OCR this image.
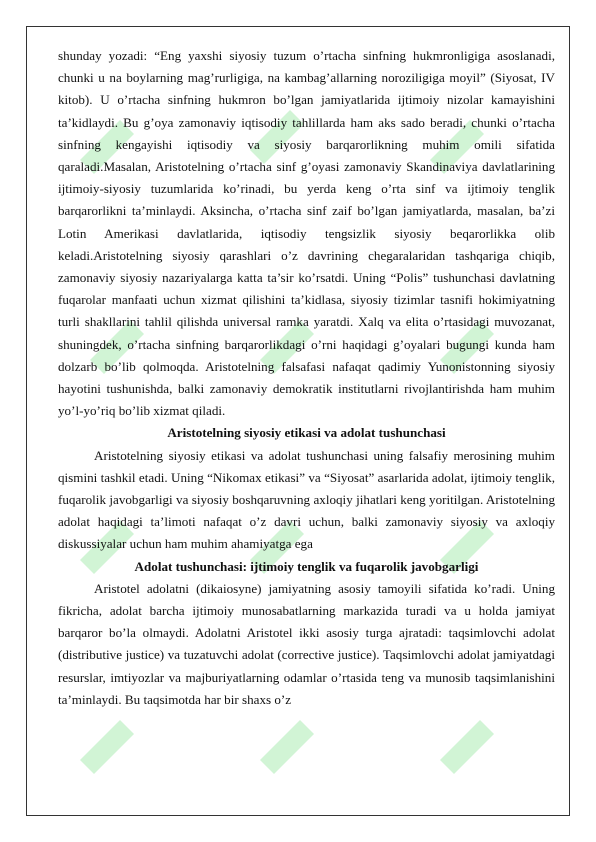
shunday yozadi: “Eng yaxshi siyosiy tuzum o’rtacha sinfning hukmronligiga asoslanadi, chunki u na boylarning mag’rurligiga, na kambag’allarning noroziligiga moyil” (Siyosat, IV kitob). U o’rtacha sinfning hukmron bo’lgan jamiyatlarida ijtimoiy nizolar kamayishini ta’kidlaydi. Bu g’oya zamonaviy iqtisodiy tahlillarda ham aks sado beradi, chunki o’rtacha sinfning kengayishi iqtisodiy va siyosiy barqarorlikning muhim omili sifatida qaraladi.Masalan, Aristotelning o’rtacha sinf g’oyasi zamonaviy Skandinaviya davlatlarining ijtimoiy-siyosiy tuzumlarida ko’rinadi, bu yerda keng o’rta sinf va ijtimoiy tenglik barqarorlikni ta’minlaydi. Aksincha, o’rtacha sinf zaif bo’lgan jamiyatlarda, masalan, ba’zi Lotin Amerikasi davlatlarida, iqtisodiy tengsizlik siyosiy beqarorlikka olib keladi.Aristotelning siyosiy qarashlari o’z davrining chegaralaridan tashqariga chiqib, zamonaviy siyosiy nazariyalarga katta ta’sir ko’rsatdi. Uning “Polis” tushunchasi davlatning fuqarolar manfaati uchun xizmat qilishini ta’kidlasa, siyosiy tizimlar tasnifi hokimiyatning turli shakllarini tahlil qilishda universal ramka yaratdi. Xalq va elita o’rtasidagi muvozanat, shuningdek, o’rtacha sinfning barqarorlikdagi o’rni haqidagi g’oyalari bugungi kunda ham dolzarb bo’lib qolmoqda. Aristotelning falsafasi nafaqat qadimiy Yunonistonning siyosiy hayotini tushunishda, balki zamonaviy demokratik institutlarni rivojlantirishda ham muhim yo’l-yo’riq bo’lib xizmat qiladi.

Aristotelning siyosiy etikasi va adolat tushunchasi

Aristotelning siyosiy etikasi va adolat tushunchasi uning falsafiy merosining muhim qismini tashkil etadi. Uning “Nikomax etikasi” va “Siyosat” asarlarida adolat, ijtimoiy tenglik, fuqarolik javobgarligi va siyosiy boshqaruvning axloqiy jihatlari keng yoritilgan. Aristotelning adolat haqidagi ta’limoti nafaqat o’z davri uchun, balki zamonaviy siyosiy va axloqiy diskussiyalar uchun ham muhim ahamiyatga ega

Adolat tushunchasi: ijtimoiy tenglik va fuqarolik javobgarligi

Aristotel adolatni (dikaiosyne) jamiyatning asosiy tamoyili sifatida ko’radi. Uning fikricha, adolat barcha ijtimoiy munosabatlarning markazida turadi va u holda jamiyat barqaror bo’la olmaydi. Adolatni Aristotel ikki asosiy turga ajratadi: taqsimlovchi adolat (distributive justice) va tuzatuvchi adolat (corrective justice). Taqsimlovchi adolat jamiyatdagi resurslar, imtiyozlar va majburiyatlarning odamlar o’rtasida teng va munosib taqsimlanishini ta’minlaydi. Bu taqsimotda har bir shaxs o’z
